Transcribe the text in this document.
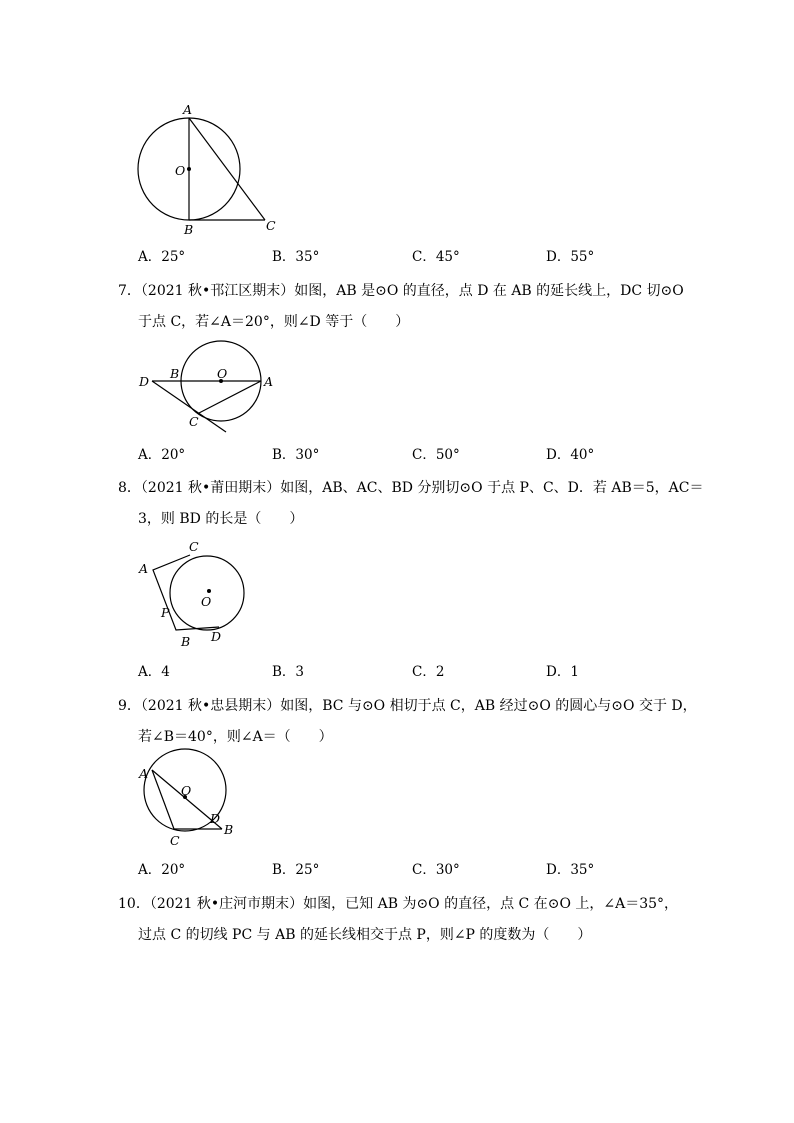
A
O
B	C
A．25°	B．35°	C．45°	D．55°
7．（2021 秋•邗江区期末）如图，AB 是⊙O 的直径，点 D 在 AB 的延长线上，DC 切⊙O
于点 C，若∠A＝20°，则∠D 等于（　　）
D
B	O
A
C
A．20°	B．30°	C．50°	D．40°
8．（2021 秋•莆田期末）如图，AB、AC、BD 分别切⊙O 于点 P、C、D．若 AB＝5，AC＝
3，则 BD 的长是（　　）
C
A
O
P
B D
A．4	B．3	C．2	D．1
9．（2021 秋•忠县期末）如图，BC 与⊙O 相切于点 C，AB 经过⊙O 的圆心与⊙O 交于 D，
若∠B＝40°，则∠A＝（　　）
A
O
D
B
C
A．20°	B．25°	C．30°	D．35°
10．（2021 秋•庄河市期末）如图，已知 AB 为⊙O 的直径，点 C 在⊙O 上，∠A＝35°，
过点 C 的切线 PC 与 AB 的延长线相交于点 P，则∠P 的度数为（　　）
